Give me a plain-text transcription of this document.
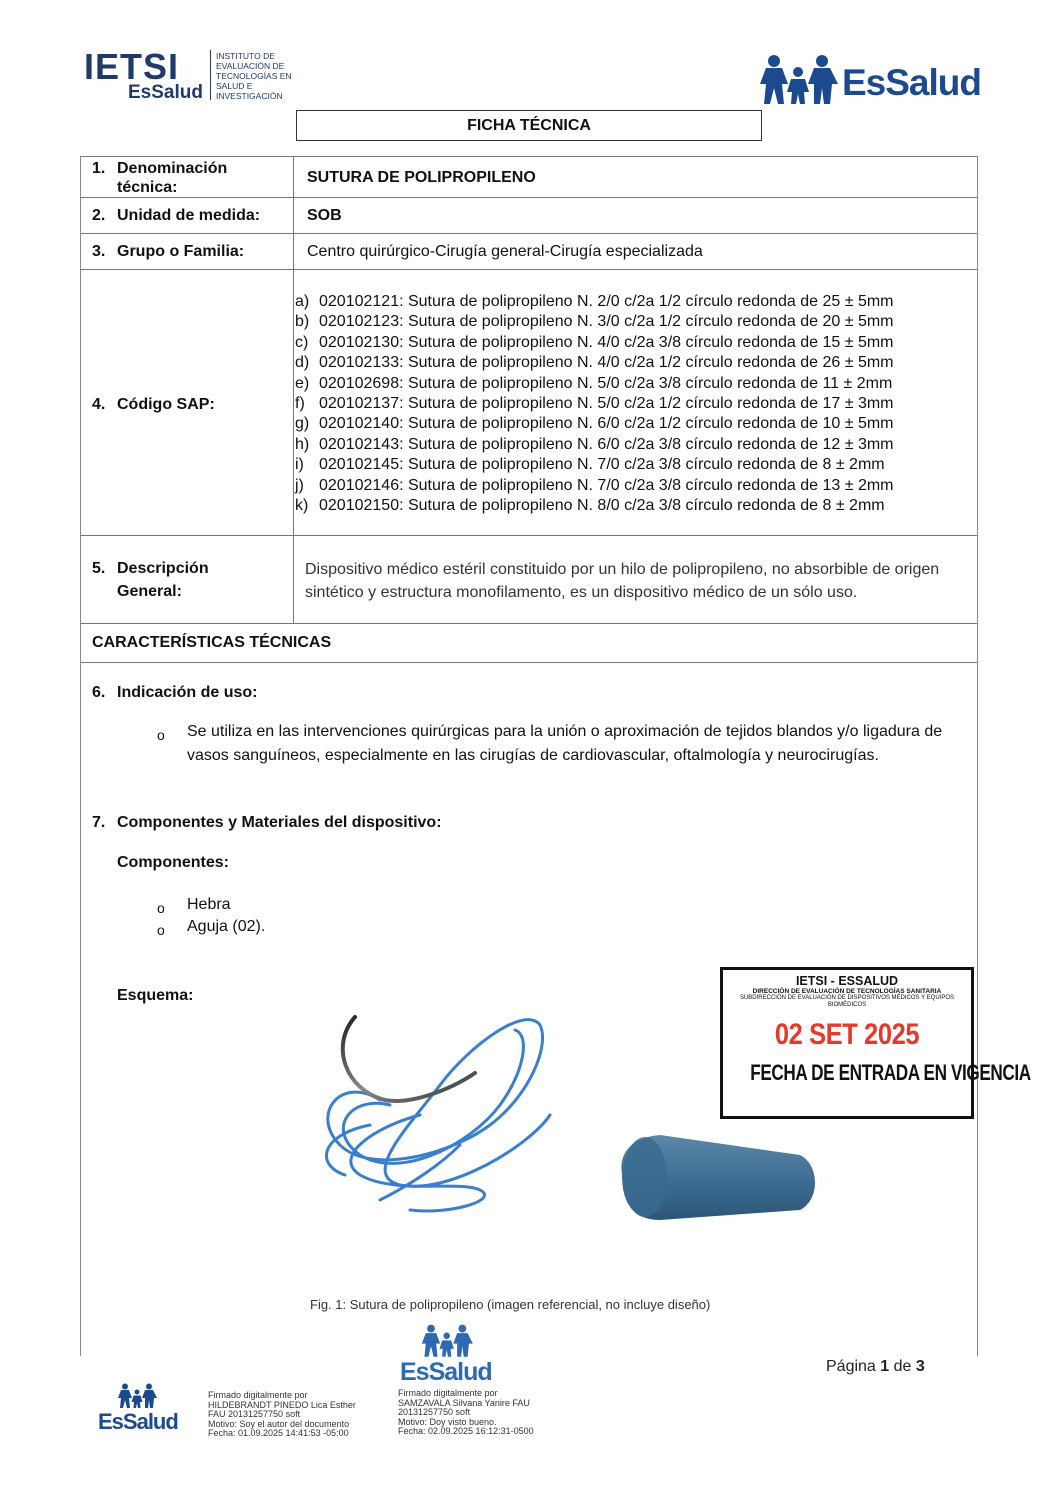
IETSI
EsSalud
INSTITUTO DE EVALUACIÓN DE TECNOLOGÍAS EN SALUD E INVESTIGACIÓN	EsSalud
FICHA TÉCNICA
1. Denominación
técnica:
SUTURA DE POLIPROPILENO
2. Unidad de medida:	SOB
3. Grupo o Familia:	Centro quirúrgico-Cirugía general-Cirugía especializada
4. Código SAP:
a) 020102121: Sutura de polipropileno N. 2/0 c/2a 1/2 círculo redonda de 25 ± 5mm
b) 020102123: Sutura de polipropileno N. 3/0 c/2a 1/2 círculo redonda de 20 ± 5mm
c) 020102130: Sutura de polipropileno N. 4/0 c/2a 3/8 círculo redonda de 15 ± 5mm
d) 020102133: Sutura de polipropileno N. 4/0 c/2a 1/2 círculo redonda de 26 ± 5mm
e) 020102698: Sutura de polipropileno N. 5/0 c/2a 3/8 círculo redonda de 11 ± 2mm
f) 020102137: Sutura de polipropileno N. 5/0 c/2a 1/2 círculo redonda de 17 ± 3mm
g) 020102140: Sutura de polipropileno N. 6/0 c/2a 1/2 círculo redonda de 10 ± 5mm
h) 020102143: Sutura de polipropileno N. 6/0 c/2a 3/8 círculo redonda de 12 ± 3mm
i) 020102145: Sutura de polipropileno N. 7/0 c/2a 3/8 círculo redonda de 8 ± 2mm
j) 020102146: Sutura de polipropileno N. 7/0 c/2a 3/8 círculo redonda de 13 ± 2mm
k) 020102150: Sutura de polipropileno N. 8/0 c/2a 3/8 círculo redonda de 8 ± 2mm
5. Descripción
General:
Dispositivo médico estéril constituido por un hilo de polipropileno, no absorbible de origen sintético y estructura monofilamento, es un dispositivo médico de un sólo uso.
CARACTERÍSTICAS TÉCNICAS
6. Indicación de uso:
o Se utiliza en las intervenciones quirúrgicas para la unión o aproximación de tejidos blandos y/o ligadura de vasos sanguíneos, especialmente en las cirugías de cardiovascular, oftalmología y neurocirugías.
7. Componentes y Materiales del dispositivo:
Componentes:
o Hebra
o Aguja (02).
Esquema:
Fig. 1: Sutura de polipropileno (imagen referencial, no incluye diseño)
IETSI - ESSALUD
DIRECCIÓN DE EVALUACIÓN DE TECNOLOGÍAS SANITARIA
SUBDIRECCIÓN DE EVALUACIÓN DE DISPOSITIVOS MÉDICOS Y EQUIPOS BIOMÉDICOS
02 SET 2025
FECHA DE ENTRADA EN VIGENCIA
Página 1 de 3
EsSalud
Firmado digitalmente por
HILDEBRANDT PINEDO Lica Esther
FAU 20131257750 soft
Motivo: Soy el autor del documento
Fecha: 01.09.2025 14:41:53 -05:00
EsSalud
Firmado digitalmente por
SAMZAVALA Silvana Yanire FAU
20131257750 soft
Motivo: Doy visto bueno.
Fecha: 02.09.2025 16:12:31-0500
